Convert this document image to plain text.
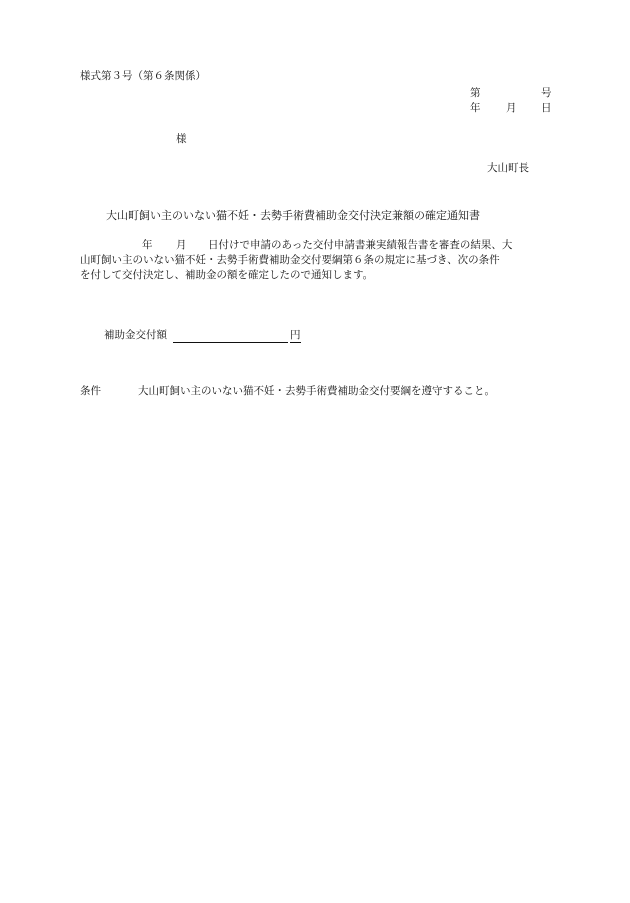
様式第３号（第６条関係）
第	号
年 月 日
様
大山町長
大山町飼い主のいない猫不妊・去勢手術費補助金交付決定兼額の確定通知書
年 月 日付けで申請のあった交付申請書兼実績報告書を審査の結果、大
山町飼い主のいない猫不妊・去勢手術費補助金交付要綱第６条の規定に基づき、次の条件
を付して交付決定し、補助金の額を確定したので通知します。
補助金交付額	円
条件	大山町飼い主のいない猫不妊・去勢手術費補助金交付要綱を遵守すること。
